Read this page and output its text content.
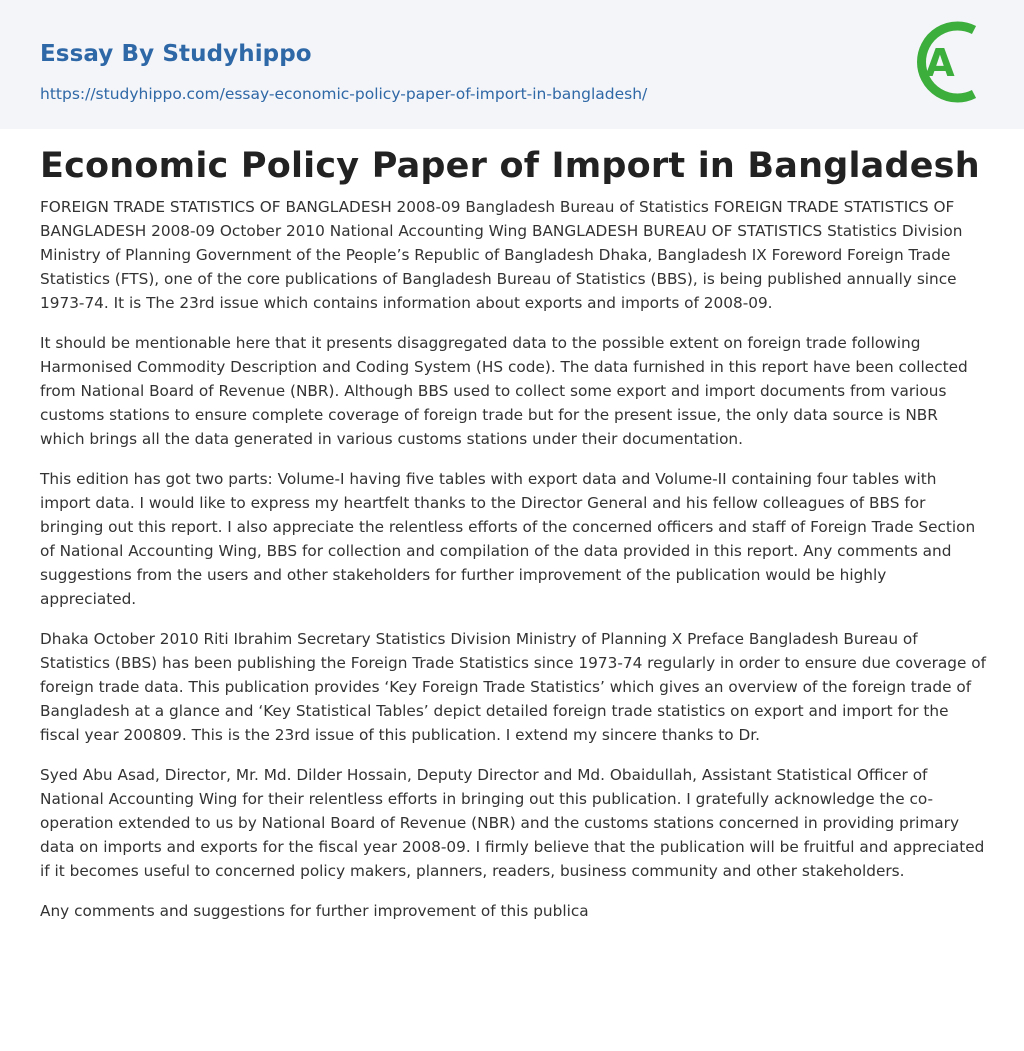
Essay By Studyhippo
https://studyhippo.com/essay-economic-policy-paper-of-import-in-bangladesh/
A
Economic Policy Paper of Import in Bangladesh

FOREIGN TRADE STATISTICS OF BANGLADESH 2008-09 Bangladesh Bureau of Statistics FOREIGN TRADE STATISTICS OF BANGLADESH 2008-09 October 2010 National Accounting Wing BANGLADESH BUREAU OF STATISTICS Statistics Division Ministry of Planning Government of the People’s Republic of Bangladesh Dhaka, Bangladesh IX Foreword Foreign Trade Statistics (FTS), one of the core publications of Bangladesh Bureau of Statistics (BBS), is being published annually since 1973-74. It is The 23rd issue which contains information about exports and imports of 2008-09.

It should be mentionable here that it presents disaggregated data to the possible extent on foreign trade following Harmonised Commodity Description and Coding System (HS code). The data furnished in this report have been collected from National Board of Revenue (NBR). Although BBS used to collect some export and import documents from various customs stations to ensure complete coverage of foreign trade but for the present issue, the only data source is NBR which brings all the data generated in various customs stations under their documentation.

This edition has got two parts: Volume-I having five tables with export data and Volume-II containing four tables with import data. I would like to express my heartfelt thanks to the Director General and his fellow colleagues of BBS for bringing out this report. I also appreciate the relentless efforts of the concerned officers and staff of Foreign Trade Section of National Accounting Wing, BBS for collection and compilation of the data provided in this report. Any comments and suggestions from the users and other stakeholders for further improvement of the publication would be highly appreciated.

Dhaka October 2010 Riti Ibrahim Secretary Statistics Division Ministry of Planning X Preface Bangladesh Bureau of Statistics (BBS) has been publishing the Foreign Trade Statistics since 1973-74 regularly in order to ensure due coverage of foreign trade data. This publication provides ‘Key Foreign Trade Statistics’ which gives an overview of the foreign trade of Bangladesh at a glance and ‘Key Statistical Tables’ depict detailed foreign trade statistics on export and import for the fiscal year 200809. This is the 23rd issue of this publication. I extend my sincere thanks to Dr.

Syed Abu Asad, Director, Mr. Md. Dilder Hossain, Deputy Director and Md. Obaidullah, Assistant Statistical Officer of National Accounting Wing for their relentless efforts in bringing out this publication. I gratefully acknowledge the co-operation extended to us by National Board of Revenue (NBR) and the customs stations concerned in providing primary data on imports and exports for the fiscal year 2008-09. I firmly believe that the publication will be fruitful and appreciated if it becomes useful to concerned policy makers, planners, readers, business community and other stakeholders.

Any comments and suggestions for further improvement of this publica
